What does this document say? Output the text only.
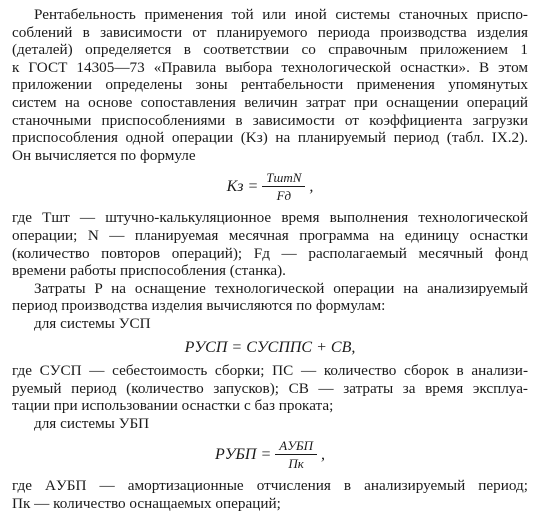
Рентабельность применения той или иной системы станочных приспо-
соблений в зависимости от планируемого периода производства изделия
(деталей) определяется в соответствии со справочным приложением 1
к ГОСТ 14305—73 «Правила выбора технологической оснастки». В этом
приложении определены зоны рентабельности применения упомянутых
систем на основе сопоставления величин затрат при оснащении операций
станочными приспособлениями в зависимости от коэффициента загрузки
приспособления одной операции (Kз) на планируемый период (табл. IX.2).
Он вычисляется по формуле
Kз = $\frac{\text{TштN}}{Fд}$ ,
где Tшт — штучно-калькуляционное время выполнения технологической
операции; N — планируемая месячная программа на единицу оснастки
(количество повторов операций); Fд — располагаемый месячный фонд
времени работы приспособления (станка).
Затраты P на оснащение технологической операции на анализируемый
период производства изделия вычисляются по формулам:
для системы УСП
PУСП = CУСППС + CВ,
где CУСП — себестоимость сборки; ПС — количество сборок в анализи-
руемый период (количество запусков); CВ — затраты за время эксплуа-
тации при использовании оснастки с баз проката;
для системы УБП
PУБП = $\frac{\text{AУБП}}{Пк}$ ,
где AУБП — амортизационные отчисления в анализируемый период;
Пк — количество оснащаемых операций;
